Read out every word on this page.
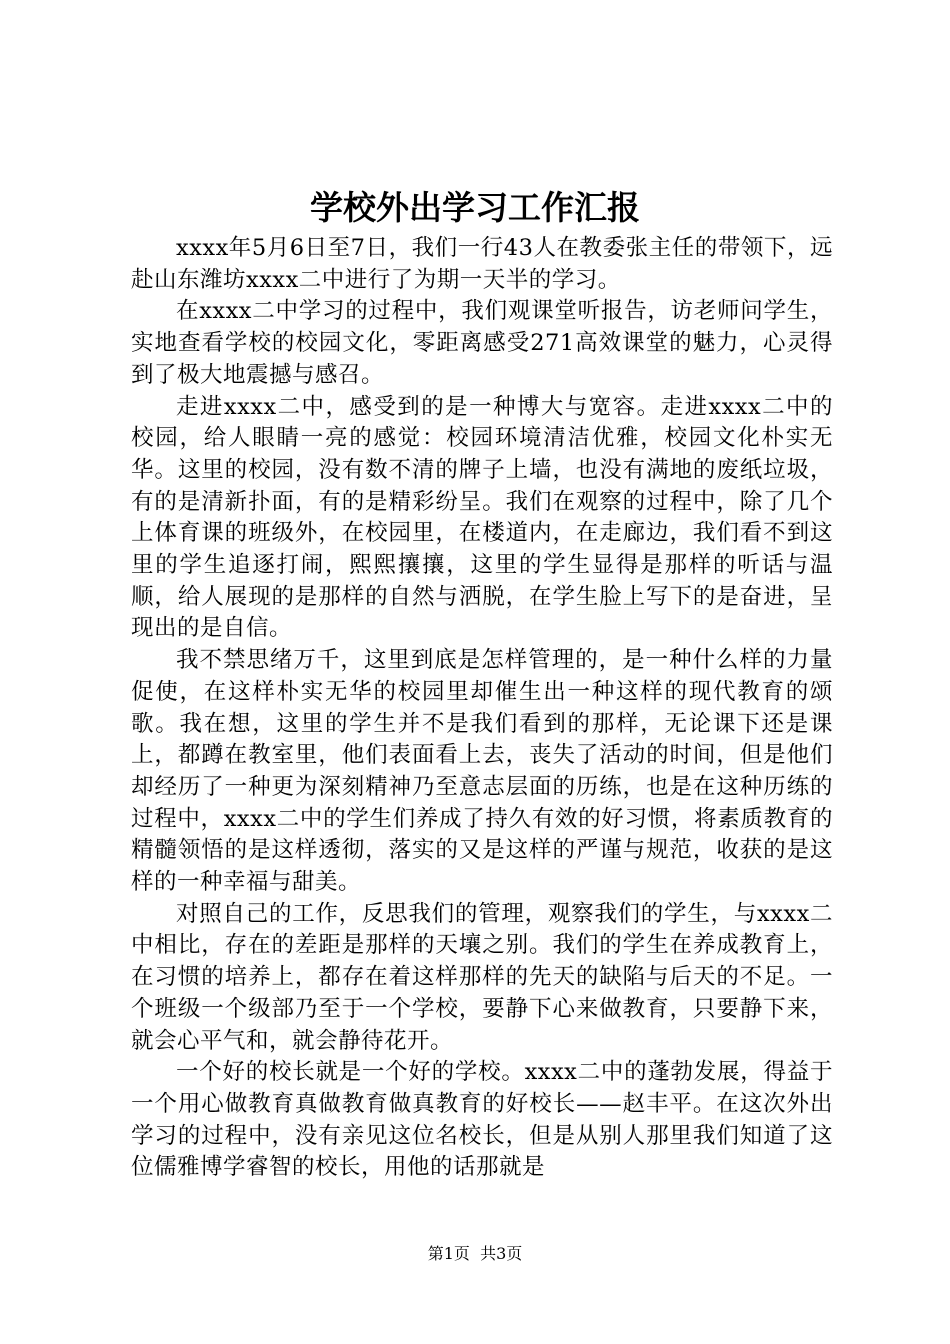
学校外出学习工作汇报

xxxx年5月6日至7日，我们一行43人在教委张主任的带领下，远赴山东潍坊xxxx二中进行了为期一天半的学习。

在xxxx二中学习的过程中，我们观课堂听报告，访老师问学生，实地查看学校的校园文化，零距离感受271高效课堂的魅力，心灵得到了极大地震撼与感召。

走进xxxx二中，感受到的是一种博大与宽容。走进xxxx二中的校园，给人眼睛一亮的感觉：校园环境清洁优雅，校园文化朴实无华。这里的校园，没有数不清的牌子上墙，也没有满地的废纸垃圾，有的是清新扑面，有的是精彩纷呈。我们在观察的过程中，除了几个上体育课的班级外，在校园里，在楼道内，在走廊边，我们看不到这里的学生追逐打闹，熙熙攘攘，这里的学生显得是那样的听话与温顺，给人展现的是那样的自然与洒脱，在学生脸上写下的是奋进，呈现出的是自信。

我不禁思绪万千，这里到底是怎样管理的，是一种什么样的力量促使，在这样朴实无华的校园里却催生出一种这样的现代教育的颂歌。我在想，这里的学生并不是我们看到的那样，无论课下还是课上，都蹲在教室里，他们表面看上去，丧失了活动的时间，但是他们却经历了一种更为深刻精神乃至意志层面的历练，也是在这种历练的过程中，xxxx二中的学生们养成了持久有效的好习惯，将素质教育的精髓领悟的是这样透彻，落实的又是这样的严谨与规范，收获的是这样的一种幸福与甜美。

对照自己的工作，反思我们的管理，观察我们的学生，与xxxx二中相比，存在的差距是那样的天壤之别。我们的学生在养成教育上，在习惯的培养上，都存在着这样那样的先天的缺陷与后天的不足。一个班级一个级部乃至于一个学校，要静下心来做教育，只要静下来，就会心平气和，就会静待花开。

一个好的校长就是一个好的学校。xxxx二中的蓬勃发展，得益于一个用心做教育真做教育做真教育的好校长——赵丰平。在这次外出学习的过程中，没有亲见这位名校长，但是从别人那里我们知道了这位儒雅博学睿智的校长，用他的话那就是

第1页 共3页
